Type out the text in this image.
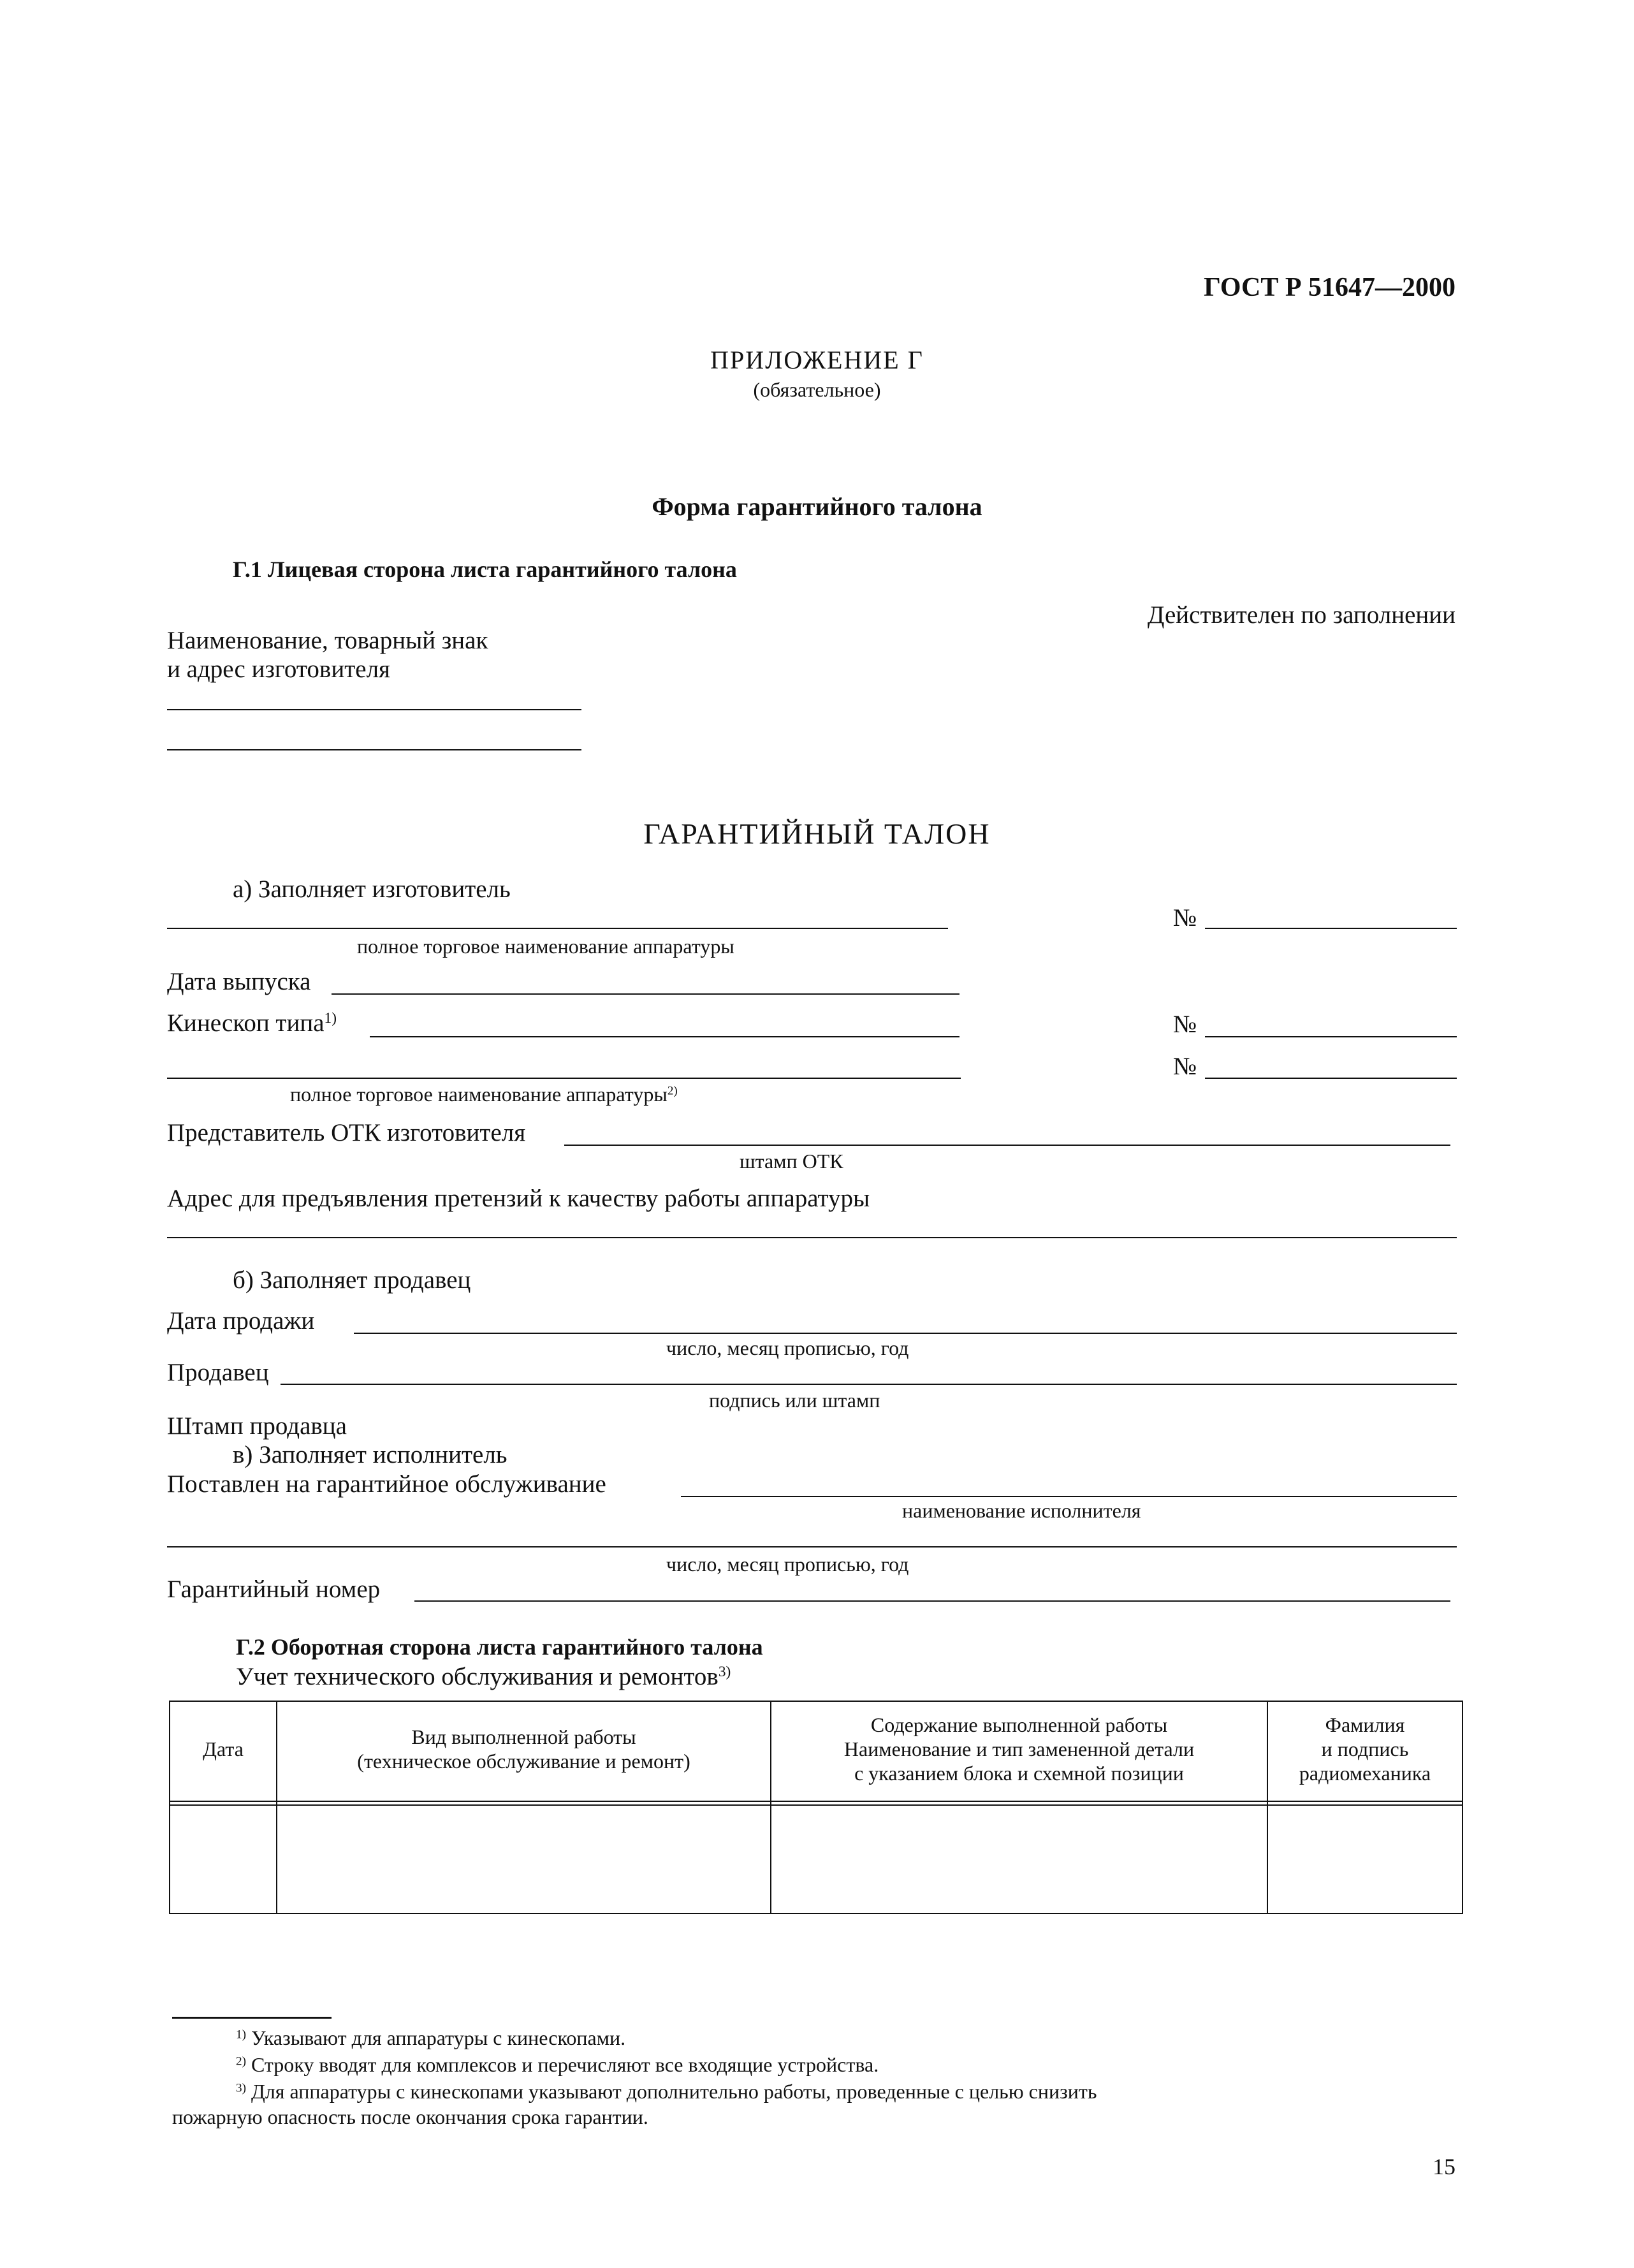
ГОСТ Р 51647—2000
ПРИЛОЖЕНИЕ Г
(обязательное)
Форма гарантийного талона
Г.1 Лицевая сторона листа гарантийного талона
Действителен по заполнении
Наименование, товарный знак
и адрес изготовителя
ГАРАНТИЙНЫЙ ТАЛОН
а) Заполняет изготовитель
№
полное торговое наименование аппаратуры
Дата выпуска
Кинескоп типа$^{1)}$	№
№
полное торговое наименование аппаратуры$^{2)}$
Представитель ОТК изготовителя
штамп ОТК
Адрес для предъявления претензий к качеству работы аппаратуры
б) Заполняет продавец
Дата продажи
число, месяц прописью, год
Продавец
подпись или штамп
Штамп продавца
в) Заполняет исполнитель
Поставлен на гарантийное обслуживание
наименование исполнителя
число, месяц прописью, год
Гарантийный номер
Г.2 Оборотная сторона листа гарантийного талона
Учет технического обслуживания и ремонтов$^{3)}$
Дата
Вид выполненной работы
(техническое обслуживание и ремонт)
Содержание выполненной работы
Наименование и тип замененной детали
с указанием блока и схемной позиции
Фамилия
и подпись
радиомеханика
$^{1)}$ Указывают для аппаратуры с кинескопами.
$^{2)}$ Строку вводят для комплексов и перечисляют все входящие устройства.
$^{3)}$ Для аппаратуры с кинескопами указывают дополнительно работы, проведенные с целью снизить
пожарную опасность после окончания срока гарантии.
15
